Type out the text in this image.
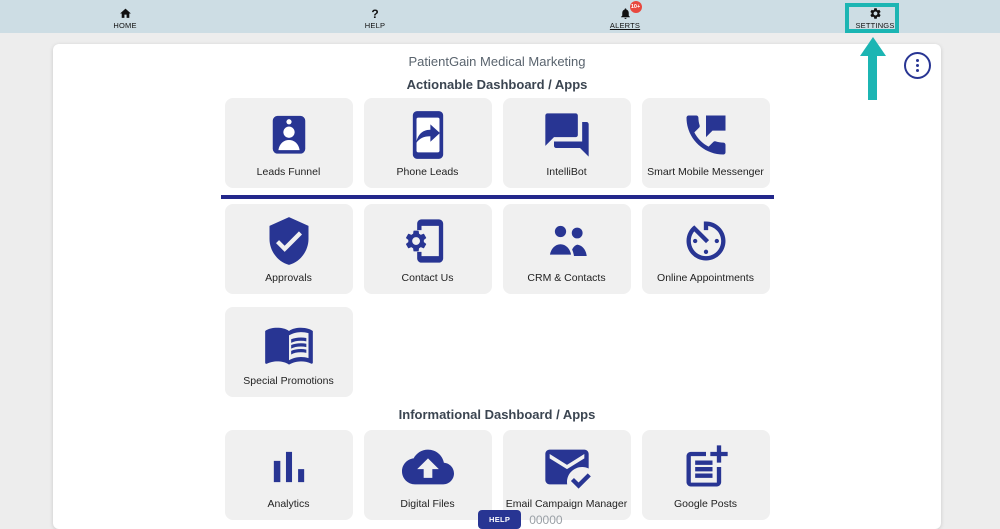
HOME
?
HELP
10+
ALERTS	SETTINGS
PatientGain Medical Marketing
Actionable Dashboard / Apps
Leads Funnel	Phone Leads	IntelliBot	Smart Mobile Messenger
Approvals	Contact Us	CRM & Contacts	Online Appointments
Special Promotions
Informational Dashboard / Apps
Analytics	Digital Files	Email Campaign Manager	Google Posts
HELP	00000
